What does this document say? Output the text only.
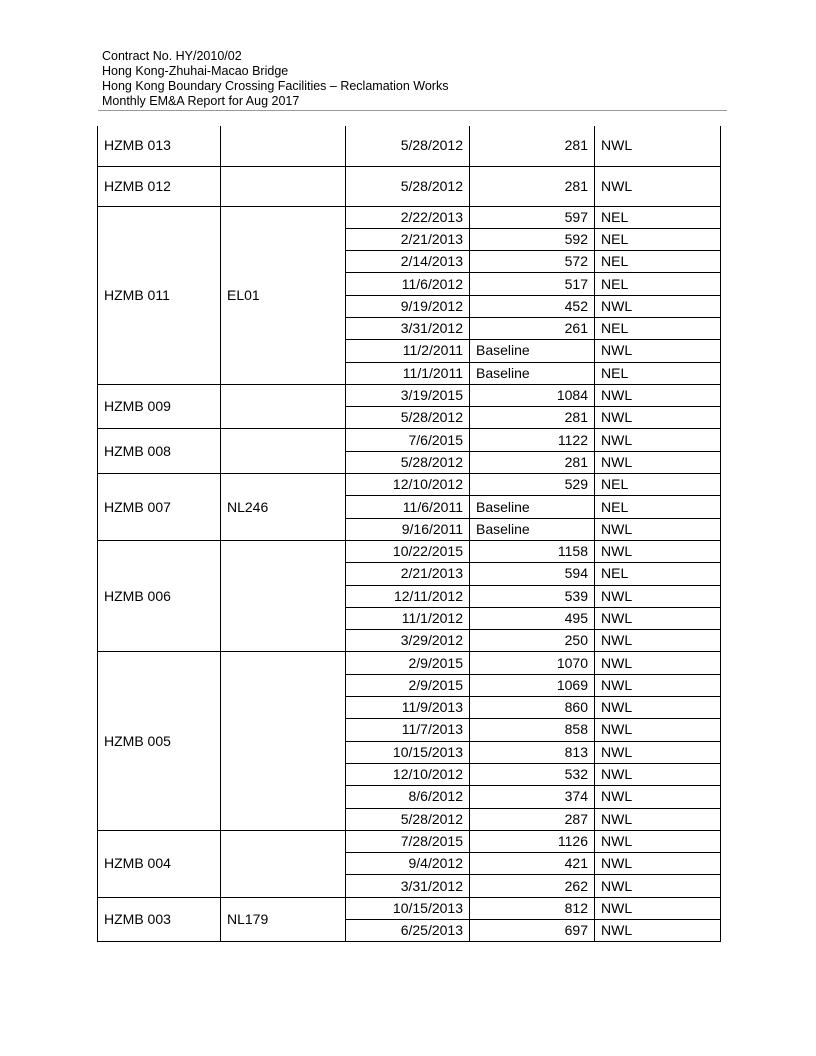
Contract No. HY/2010/02
Hong Kong-Zhuhai-Macao Bridge
Hong Kong Boundary Crossing Facilities – Reclamation Works
Monthly EM&A Report for Aug 2017
HZMB 013		5/28/2012	281	NWL
HZMB 012		5/28/2012	281	NWL
HZMB 011	EL01	2/22/2013	597	NEL
		2/21/2013	592	NEL
		2/14/2013	572	NEL
		11/6/2012	517	NEL
		9/19/2012	452	NWL
		3/31/2012	261	NEL
		11/2/2011	Baseline	NWL
		11/1/2011	Baseline	NEL
HZMB 009		3/19/2015	1084	NWL
		5/28/2012	281	NWL
HZMB 008		7/6/2015	1122	NWL
		5/28/2012	281	NWL
HZMB 007	NL246	12/10/2012	529	NEL
		11/6/2011	Baseline	NEL
		9/16/2011	Baseline	NWL
HZMB 006		10/22/2015	1158	NWL
		2/21/2013	594	NEL
		12/11/2012	539	NWL
		11/1/2012	495	NWL
		3/29/2012	250	NWL
HZMB 005		2/9/2015	1070	NWL
		2/9/2015	1069	NWL
		11/9/2013	860	NWL
		11/7/2013	858	NWL
		10/15/2013	813	NWL
		12/10/2012	532	NWL
		8/6/2012	374	NWL
		5/28/2012	287	NWL
HZMB 004		7/28/2015	1126	NWL
		9/4/2012	421	NWL
		3/31/2012	262	NWL
HZMB 003	NL179	10/15/2013	812	NWL
		6/25/2013	697	NWL
